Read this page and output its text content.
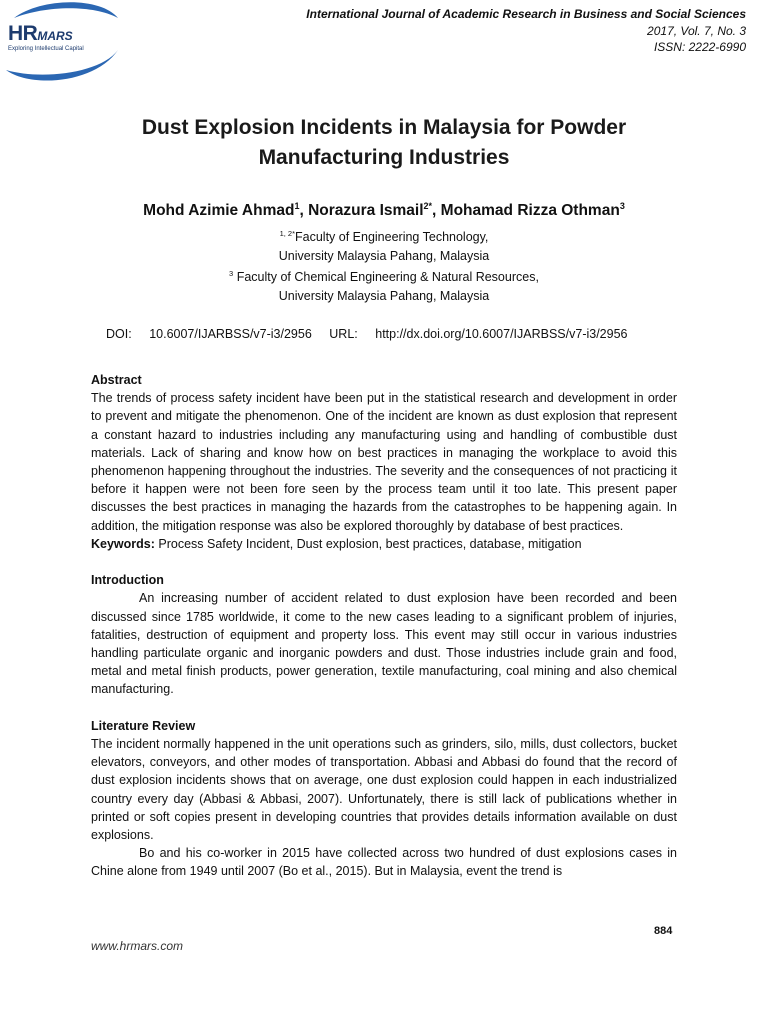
HRMARS
Exploring Intellectual Capital
International Journal of Academic Research in Business and Social Sciences
2017, Vol. 7, No. 3
ISSN: 2222-6990
Dust Explosion Incidents in Malaysia for Powder
Manufacturing Industries
Mohd Azimie Ahmad$^1$, Norazura Ismail$^{2*}$, Mohamad Rizza Othman$^3$
$^{1, 2*}$Faculty of Engineering Technology,
University Malaysia Pahang, Malaysia
$^3$ Faculty of Chemical Engineering & Natural Resources,
University Malaysia Pahang, Malaysia
DOI: 10.6007/IJARBSS/v7-i3/2956 URL: http://dx.doi.org/10.6007/IJARBSS/v7-i3/2956

Abstract

The trends of process safety incident have been put in the statistical research and development in order to prevent and mitigate the phenomenon. One of the incident are known as dust explosion that represent a constant hazard to industries including any manufacturing using and handling of combustible dust materials. Lack of sharing and know how on best practices in managing the workplace to avoid this phenomenon happening throughout the industries. The severity and the consequences of not practicing it before it happen were not been fore seen by the process team until it too late. This present paper discusses the best practices in managing the hazards from the catastrophes to be happening again. In addition, the mitigation response was also be explored thoroughly by database of best practices.

Keywords: Process Safety Incident, Dust explosion, best practices, database, mitigation

Introduction

An increasing number of accident related to dust explosion have been recorded and been discussed since 1785 worldwide, it come to the new cases leading to a significant problem of injuries, fatalities, destruction of equipment and property loss. This event may still occur in various industries handling particulate organic and inorganic powders and dust. Those industries include grain and food, metal and metal finish products, power generation, textile manufacturing, coal mining and also chemical manufacturing.

Literature Review

The incident normally happened in the unit operations such as grinders, silo, mills, dust collectors, bucket elevators, conveyors, and other modes of transportation. Abbasi and Abbasi do found that the record of dust explosion incidents shows that on average, one dust explosion could happen in each industrialized country every day (Abbasi & Abbasi, 2007). Unfortunately, there is still lack of publications whether in printed or soft copies present in developing countries that provides details information available on dust explosions.

Bo and his co-worker in 2015 have collected across two hundred of dust explosions cases in Chine alone from 1949 until 2007 (Bo et al., 2015). But in Malaysia, event the trend is

884
www.hrmars.com
